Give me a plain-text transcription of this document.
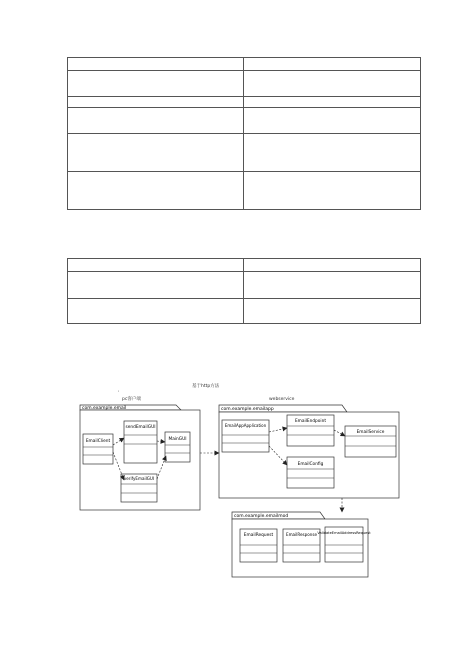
'
pc客户端
基于http方法
webservice
com.example.email	com.example.emailapp
com.example.emailmod
EmailClient
sendEmailGUI
MainGUI
verifyEmailGUI
EmailAppApplication
EmailEndpoint
EmailService
EmailConfig
EmailRequest	EmailResponse ValidateEmailAddressRequest
